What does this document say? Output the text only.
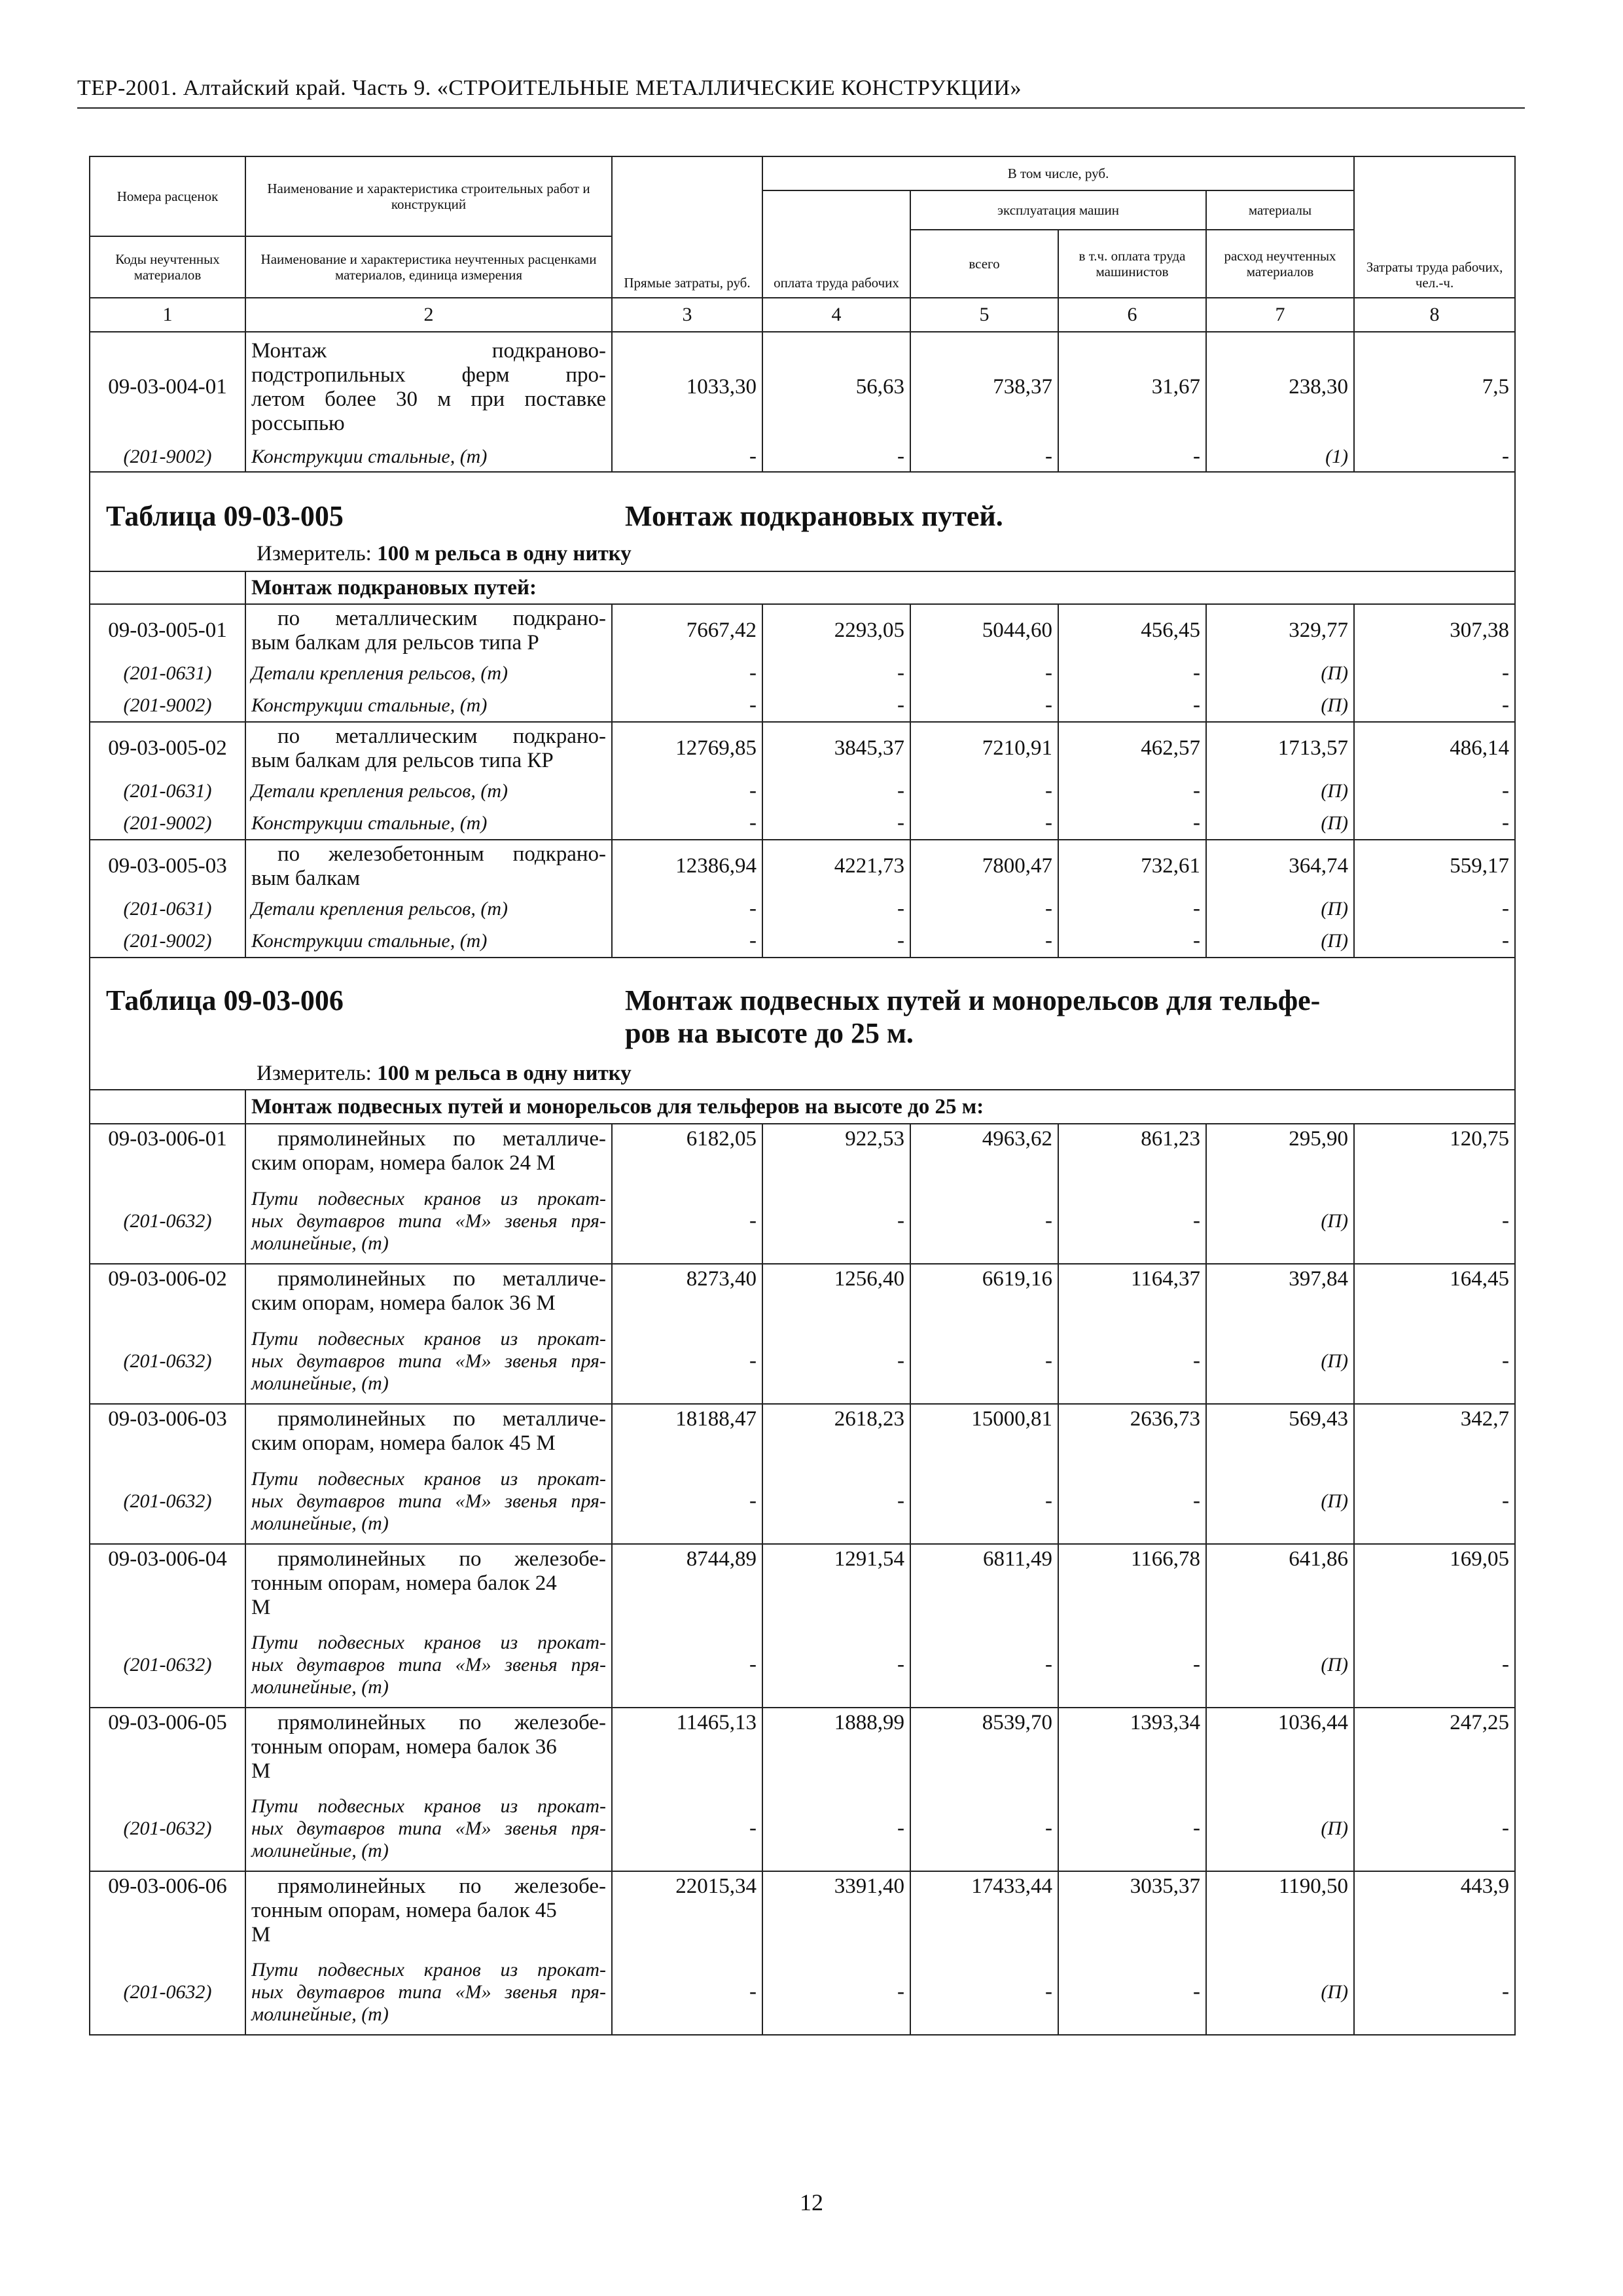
ТЕР-2001. Алтайский край. Часть 9. «СТРОИТЕЛЬНЫЕ МЕТАЛЛИЧЕСКИЕ КОНСТРУКЦИИ»
Номера расценок	Наименование и характеристика строительных работ и конструкций	Прямые затраты, руб.	В том числе, руб.				Затраты труда рабочих, чел.-ч.
			оплата труда рабочих	эксплуатация машин		материалы	
				всего	в т.ч. оплата труда машинистов	расход неучтенных материалов	
Коды неучтенных материалов	Наименование и характеристика неучтенных расценками материалов, единица измерения						
1	2	3	4	5	6	7	8
09-03-004-01	Монтаж подкраново-
подстропильных ферм про-
летом более 30 м при поставке
россыпью	1033,30	56,63	738,37	31,67	238,30	7,5
(201-9002)	Конструкции стальные, (т)	-	-	-	-	(1)	-

Таблица 09-03-005 Монтаж подкрановых путей.
Измеритель: 100 м рельса в одну нитку							

	Монтаж подкрановых путей:						
09-03-005-01	по металлическим подкрано-
вым балкам для рельсов типа Р	7667,42	2293,05	5044,60	456,45	329,77	307,38
(201-0631)	Детали крепления рельсов, (т)	-	-	-	-	(П)	-
(201-9002)	Конструкции стальные, (т)	-	-	-	-	(П)	-
09-03-005-02	по металлическим подкрано-
вым балкам для рельсов типа КР	12769,85	3845,37	7210,91	462,57	1713,57	486,14
(201-0631)	Детали крепления рельсов, (т)	-	-	-	-	(П)	-
(201-9002)	Конструкции стальные, (т)	-	-	-	-	(П)	-
09-03-005-03	по железобетонным подкрано-
вым балкам	12386,94	4221,73	7800,47	732,61	364,74	559,17
(201-0631)	Детали крепления рельсов, (т)	-	-	-	-	(П)	-
(201-9002)	Конструкции стальные, (т)	-	-	-	-	(П)	-

Таблица 09-03-006 Монтаж подвесных путей и монорельсов для тельфе-
ров на высоте до 25 м.
Измеритель: 100 м рельса в одну нитку							

	Монтаж подвесных путей и монорельсов для тельферов на высоте до 25 м:						
09-03-006-01	прямолинейных по металличе-
ским опорам, номера балок 24 М	6182,05	922,53	4963,62	861,23	295,90	120,75
(201-0632)	Пути подвесных кранов из прокат-
ных двутавров типа «М» звенья пря-
молинейные, (т)	-	-	-	-	(П)	-
09-03-006-02	прямолинейных по металличе-
ским опорам, номера балок 36 М	8273,40	1256,40	6619,16	1164,37	397,84	164,45
(201-0632)	Пути подвесных кранов из прокат-
ных двутавров типа «М» звенья пря-
молинейные, (т)	-	-	-	-	(П)	-
09-03-006-03	прямолинейных по металличе-
ским опорам, номера балок 45 М	18188,47	2618,23	15000,81	2636,73	569,43	342,7
(201-0632)	Пути подвесных кранов из прокат-
ных двутавров типа «М» звенья пря-
молинейные, (т)	-	-	-	-	(П)	-
09-03-006-04	прямолинейных по железобе-
тонным опорам, номера балок 24
М	8744,89	1291,54	6811,49	1166,78	641,86	169,05
(201-0632)	Пути подвесных кранов из прокат-
ных двутавров типа «М» звенья пря-
молинейные, (т)	-	-	-	-	(П)	-
09-03-006-05	прямолинейных по железобе-
тонным опорам, номера балок 36
М	11465,13	1888,99	8539,70	1393,34	1036,44	247,25
(201-0632)	Пути подвесных кранов из прокат-
ных двутавров типа «М» звенья пря-
молинейные, (т)	-	-	-	-	(П)	-
09-03-006-06	прямолинейных по железобе-
тонным опорам, номера балок 45
М	22015,34	3391,40	17433,44	3035,37	1190,50	443,9
(201-0632)	Пути подвесных кранов из прокат-
ных двутавров типа «М» звенья пря-
молинейные, (т)	-	-	-	-	(П)	-
12
